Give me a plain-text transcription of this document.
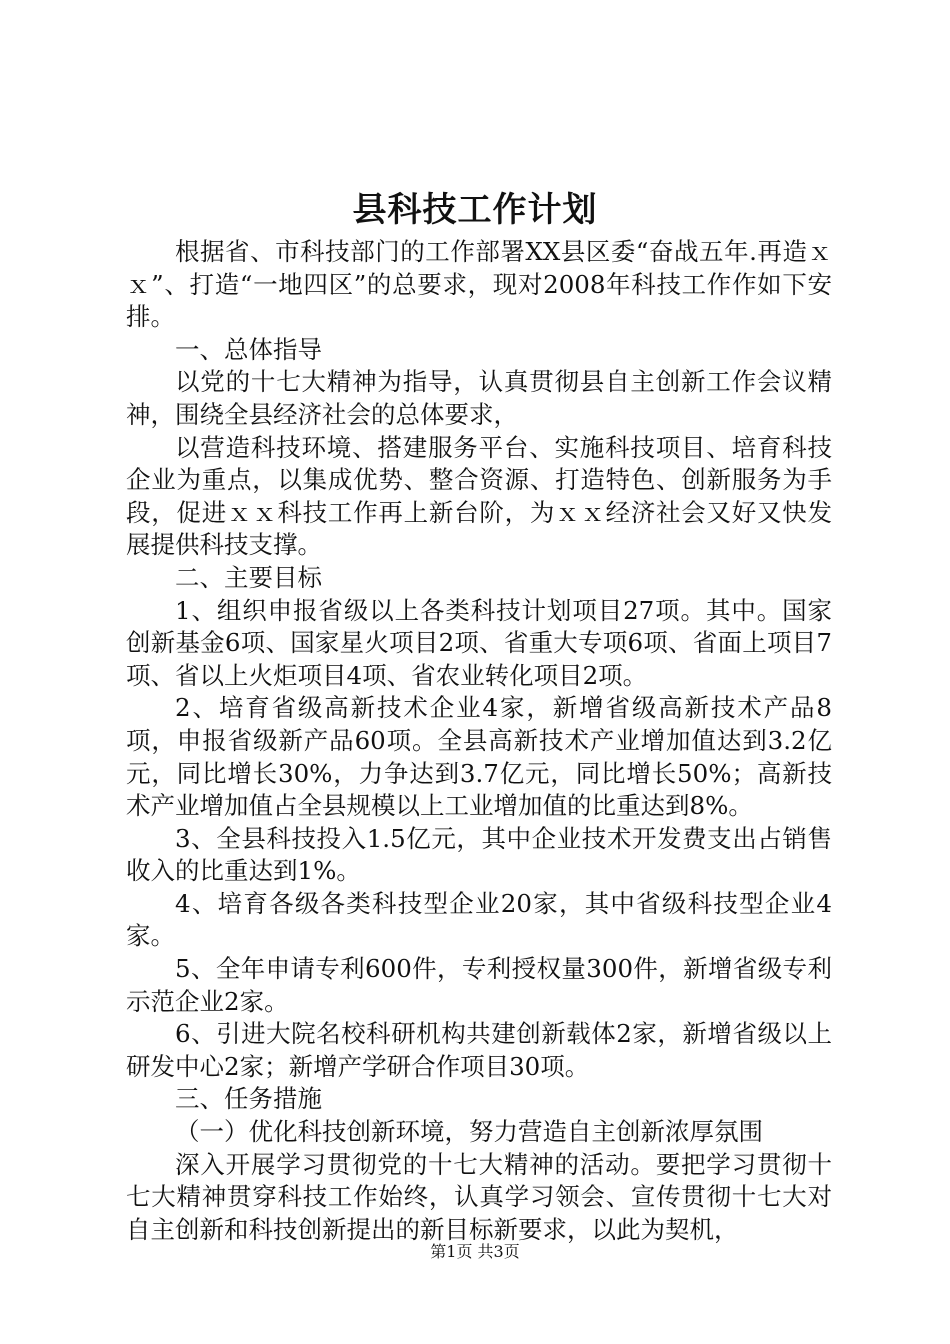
县科技工作计划

根据省、市科技部门的工作部署XX县区委“奋战五年.再造ｘｘ”、打造“一地四区”的总要求，现对2008年科技工作作如下安排。

一、总体指导

以党的十七大精神为指导，认真贯彻县自主创新工作会议精神，围绕全县经济社会的总体要求，

以营造科技环境、搭建服务平台、实施科技项目、培育科技企业为重点，以集成优势、整合资源、打造特色、创新服务为手段，促进ｘｘ科技工作再上新台阶，为ｘｘ经济社会又好又快发展提供科技支撑。

二、主要目标

1、组织申报省级以上各类科技计划项目27项。其中。国家创新基金6项、国家星火项目2项、省重大专项6项、省面上项目7项、省以上火炬项目4项、省农业转化项目2项。

2、培育省级高新技术企业4家，新增省级高新技术产品8项，申报省级新产品60项。全县高新技术产业增加值达到3.2亿元，同比增长30%，力争达到3.7亿元，同比增长50%；高新技术产业增加值占全县规模以上工业增加值的比重达到8%。

3、全县科技投入1.5亿元，其中企业技术开发费支出占销售收入的比重达到1%。

4、培育各级各类科技型企业20家，其中省级科技型企业4家。

5、全年申请专利600件，专利授权量300件，新增省级专利示范企业2家。

6、引进大院名校科研机构共建创新载体2家，新增省级以上研发中心2家；新增产学研合作项目30项。

三、任务措施

（一）优化科技创新环境，努力营造自主创新浓厚氛围

深入开展学习贯彻党的十七大精神的活动。要把学习贯彻十七大精神贯穿科技工作始终，认真学习领会、宣传贯彻十七大对自主创新和科技创新提出的新目标新要求，以此为契机，

第1页 共3页
